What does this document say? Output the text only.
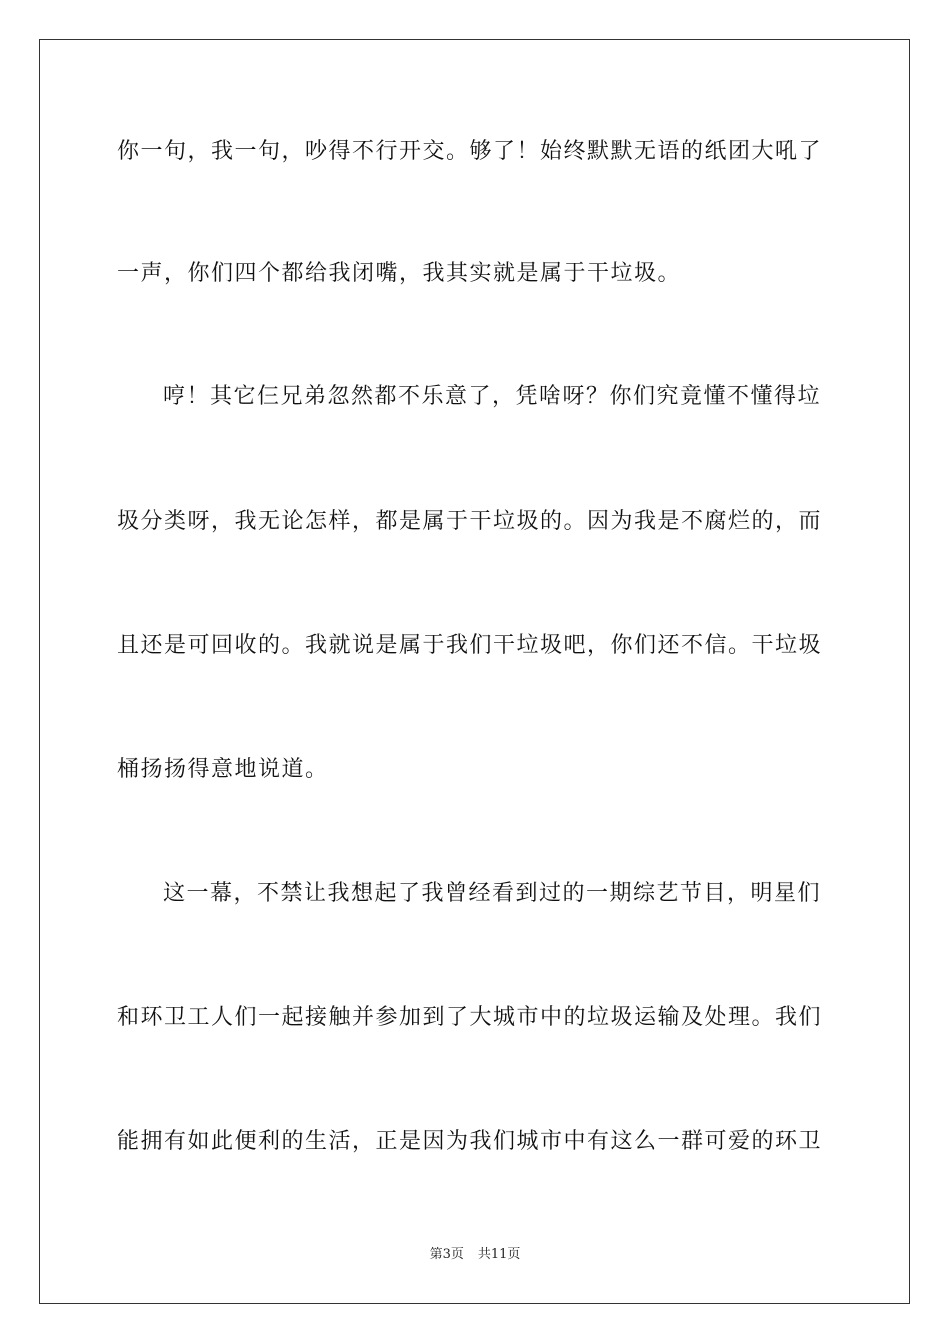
你一句，我一句，吵得不行开交。够了！始终默默无语的纸团大吼了
一声，你们四个都给我闭嘴，我其实就是属于干垃圾。
哼！其它仨兄弟忽然都不乐意了，凭啥呀？你们究竟懂不懂得垃
圾分类呀，我无论怎样，都是属于干垃圾的。因为我是不腐烂的，而
且还是可回收的。我就说是属于我们干垃圾吧，你们还不信。干垃圾
桶扬扬得意地说道。
这一幕，不禁让我想起了我曾经看到过的一期综艺节目，明星们
和环卫工人们一起接触并参加到了大城市中的垃圾运输及处理。我们
能拥有如此便利的生活，正是因为我们城市中有这么一群可爱的环卫
第3页 共11页
